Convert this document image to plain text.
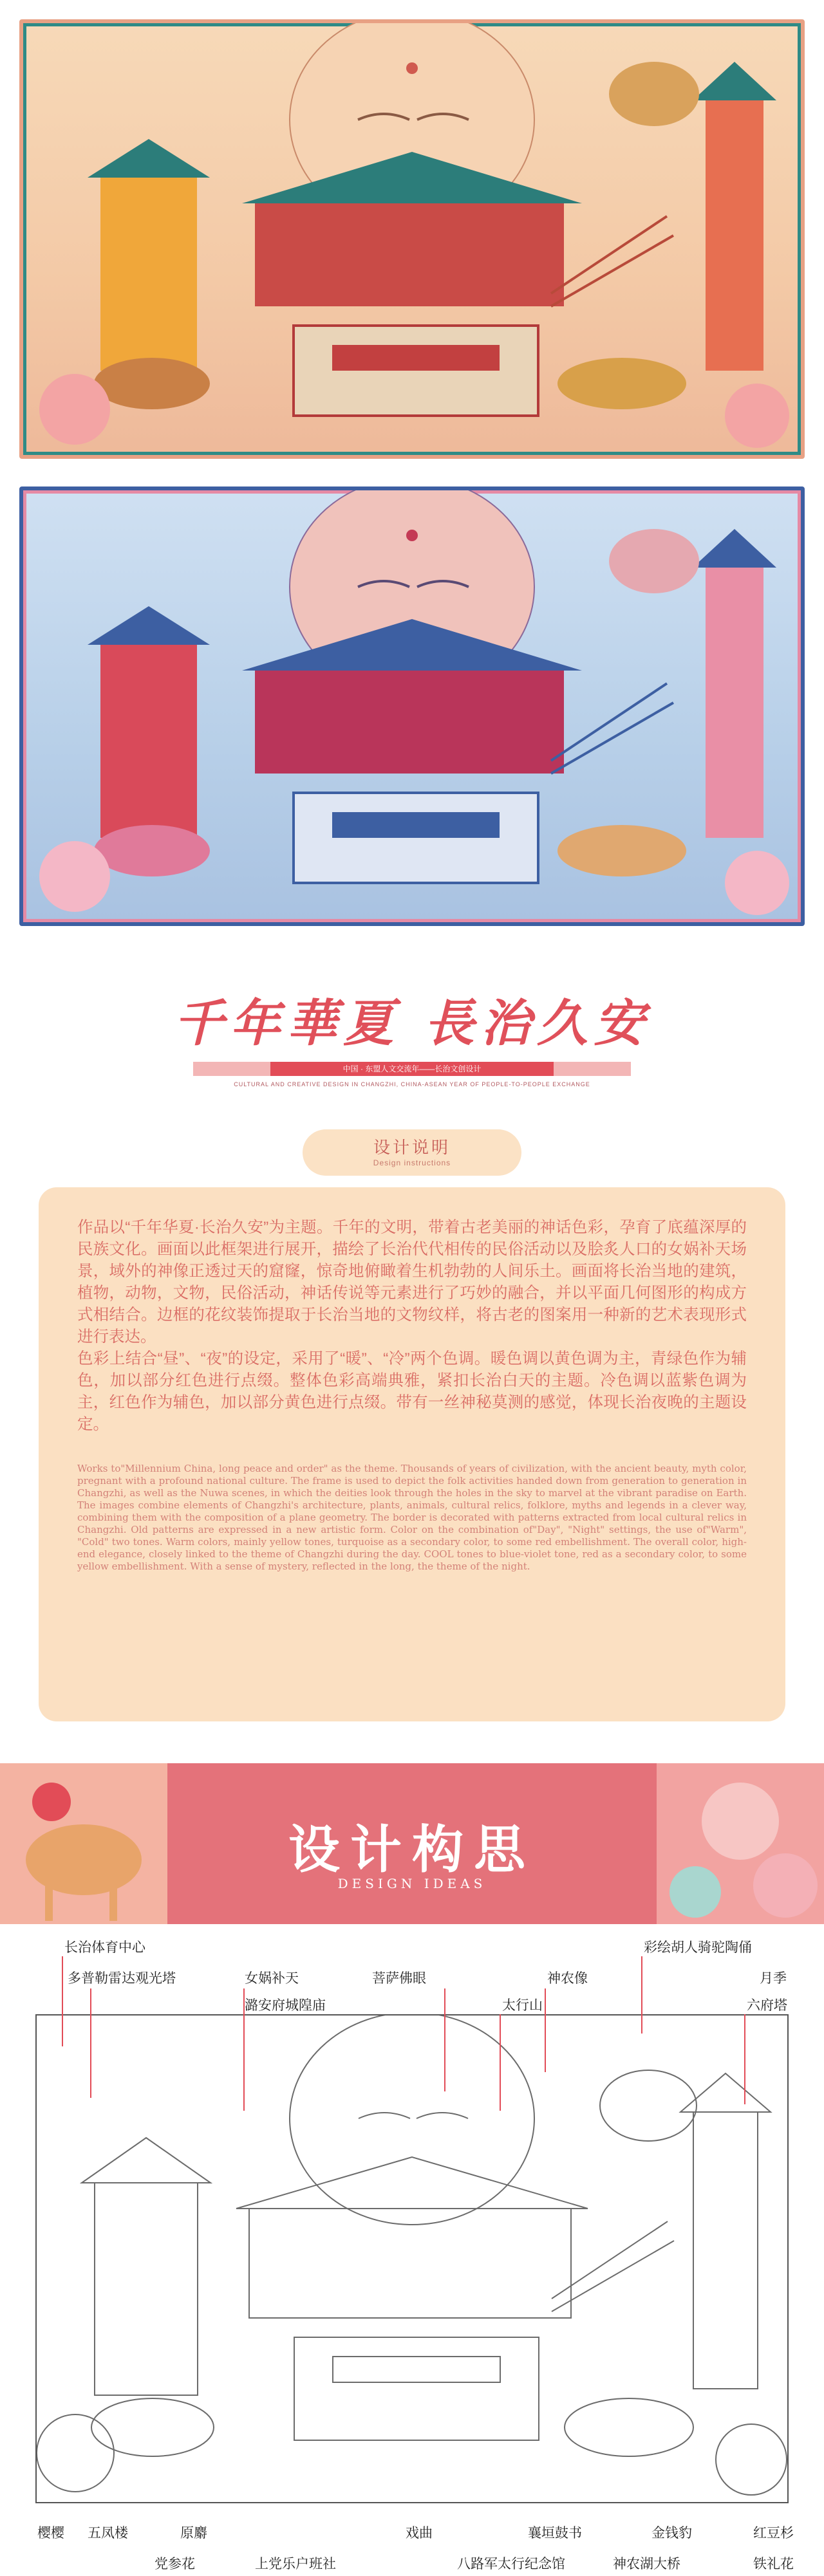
千年華夏 長治久安
中国 · 东盟人文交流年——长治文创设计
CULTURAL AND CREATIVE DESIGN IN CHANGZHI, CHINA-ASEAN YEAR OF PEOPLE-TO-PEOPLE EXCHANGE
设计说明
Design instructions
作品以“千年华夏·长治久安”为主题。千年的文明，带着古老美丽的神话色彩，孕育了底蕴深厚的民族文化。画面以此框架进行展开，描绘了长治代代相传的民俗活动以及脍炙人口的女娲补天场景，域外的神像正透过天的窟窿，惊奇地俯瞰着生机勃勃的人间乐土。画面将长治当地的建筑，植物，动物，文物，民俗活动，神话传说等元素进行了巧妙的融合，并以平面几何图形的构成方式相结合。边框的花纹装饰提取于长治当地的文物纹样，将古老的图案用一种新的艺术表现形式进行表达。
色彩上结合“昼”、“夜”的设定，采用了“暖”、“冷”两个色调。暖色调以黄色调为主，青绿色作为辅色，加以部分红色进行点缀。整体色彩高端典雅，紧扣长治白天的主题。冷色调以蓝紫色调为主，红色作为辅色，加以部分黄色进行点缀。带有一丝神秘莫测的感觉，体现长治夜晚的主题设定。
Works to"Millennium China, long peace and order" as the theme. Thousands of years of civilization, with the ancient beauty, myth color, pregnant with a profound national culture. The frame is used to depict the folk activities handed down from generation to generation in Changzhi, as well as the Nuwa scenes, in which the deities look through the holes in the sky to marvel at the vibrant paradise on Earth. The images combine elements of Changzhi's architecture, plants, animals, cultural relics, folklore, myths and legends in a clever way, combining them with the composition of a plane geometry. The border is decorated with patterns extracted from local cultural relics in Changzhi. Old patterns are expressed in a new artistic form. Color on the combination of"Day", "Night" settings, the use of"Warm", "Cold" two tones. Warm colors, mainly yellow tones, turquoise as a secondary color, to some red embellishment. The overall color, high-end elegance, closely linked to the theme of Changzhi during the day. COOL tones to blue-violet tone, red as a secondary color, to some yellow embellishment. With a sense of mystery, reflected in the long, the theme of the night.
设计构思
DESIGN IDEAS
长治体育中心
多普勒雷达观光塔	女娲补天
潞安府城隍庙
菩萨佛眼
太行山
神农像
彩绘胡人骑驼陶俑
月季
六府塔
樱樱 五凤楼	原麝
党参花	上党乐户班社
戏曲
八路军太行纪念馆
襄垣鼓书	金钱豹
神农湖大桥
红豆杉
铁礼花
